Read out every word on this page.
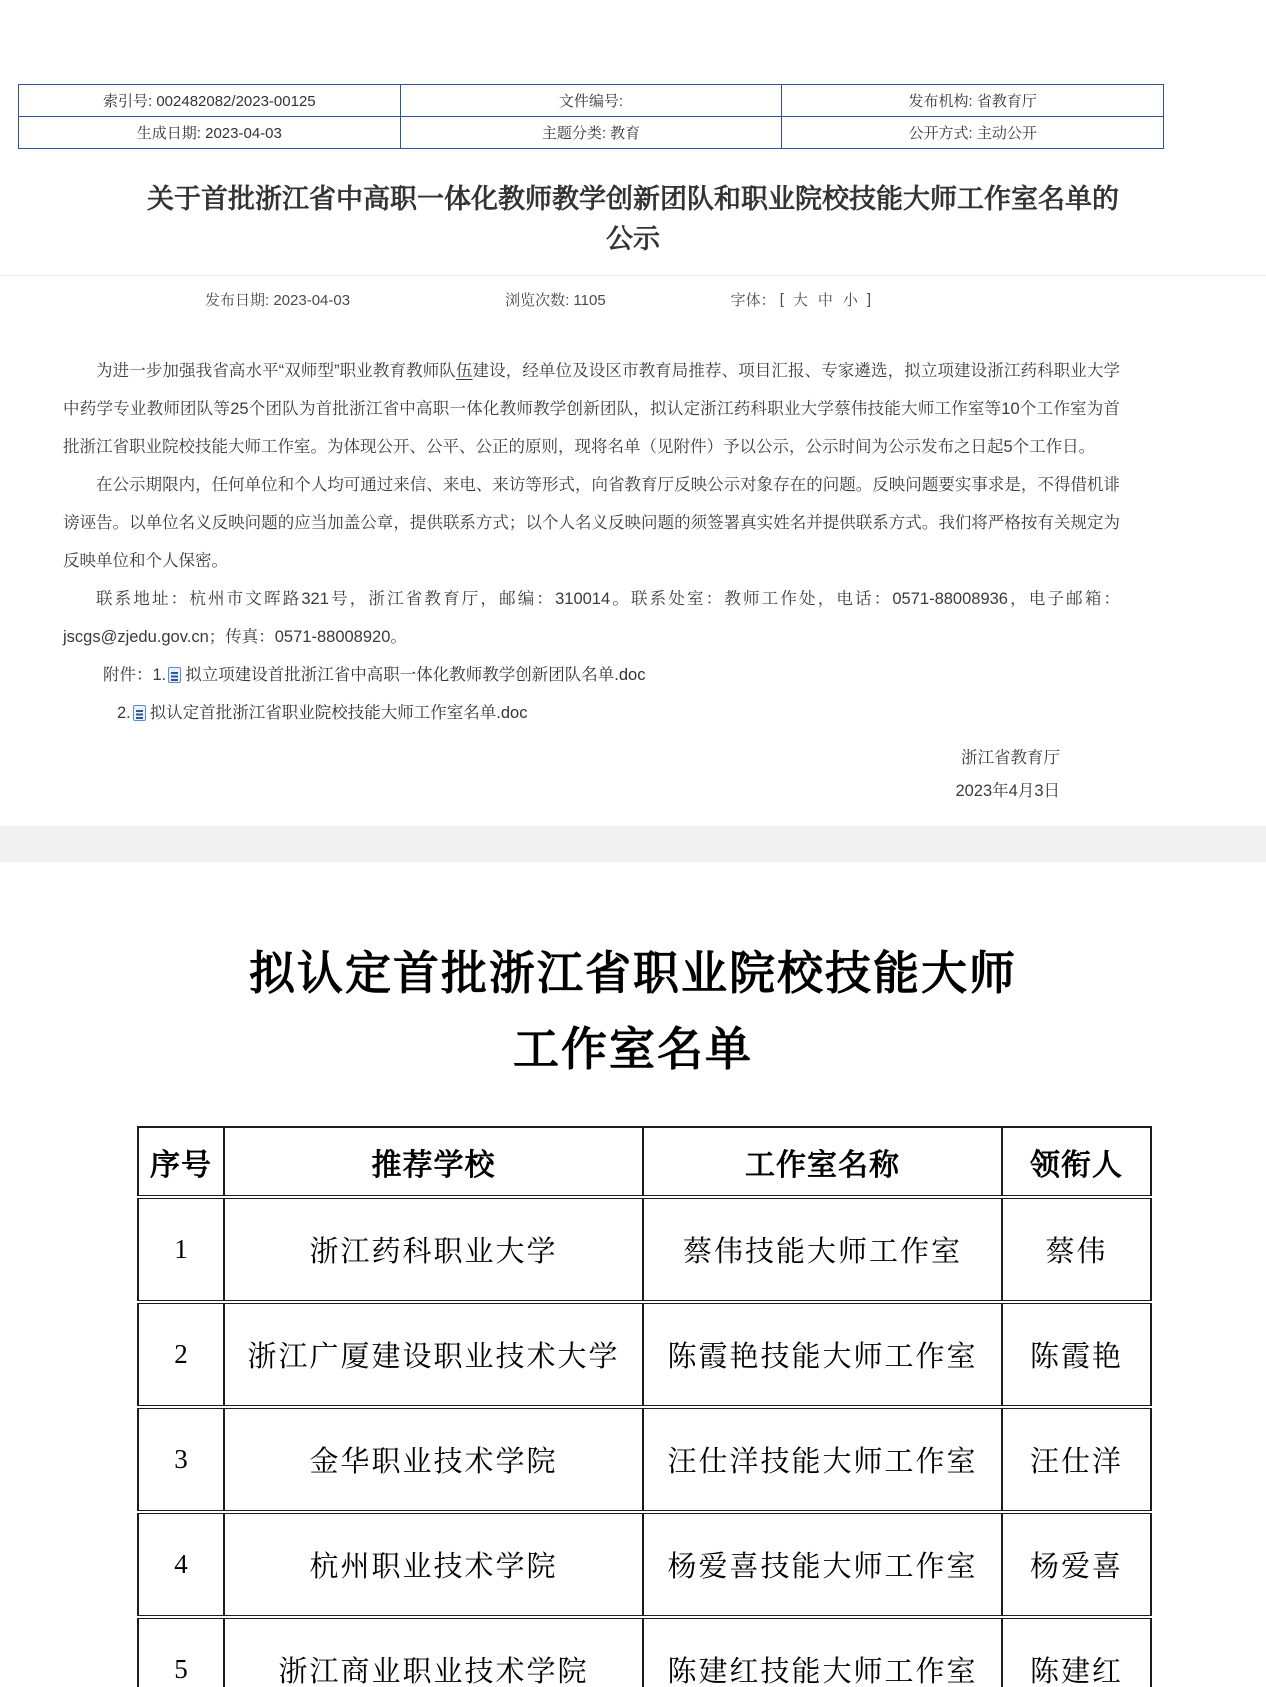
索引号: 002482082/2023-00125	文件编号:	发布机构: 省教育厅
生成日期: 2023-04-03	主题分类: 教育	公开方式: 主动公开
关于首批浙江省中高职一体化教师教学创新团队和职业院校技能大师工作室名单的
公示
发布日期: 2023-04-03	浏览次数: 1105	字体： [ 大 中 小 ]

为进一步加强我省高水平“双师型”职业教育教师队伍建设，经单位及设区市教育局推荐、项目汇报、专家遴选，拟立项建设浙江药科职业大学中药学专业教师团队等25个团队为首批浙江省中高职一体化教师教学创新团队，拟认定浙江药科职业大学蔡伟技能大师工作室等10个工作室为首批浙江省职业院校技能大师工作室。为体现公开、公平、公正的原则，现将名单（见附件）予以公示，公示时间为公示发布之日起5个工作日。

在公示期限内，任何单位和个人均可通过来信、来电、来访等形式，向省教育厅反映公示对象存在的问题。反映问题要实事求是，不得借机诽谤诬告。以单位名义反映问题的应当加盖公章，提供联系方式；以个人名义反映问题的须签署真实姓名并提供联系方式。我们将严格按有关规定为反映单位和个人保密。

联系地址：杭州市文晖路321号，浙江省教育厅，邮编：310014。联系处室：教师工作处，电话：0571-88008936，电子邮箱：jscgs@zjedu.gov.cn；传真：0571-88008920。

附件： 1. 拟立项建设首批浙江省中高职一体化教师教学创新团队名单.doc
2. 拟认定首批浙江省职业院校技能大师工作室名单.doc
浙江省教育厅
2023年4月3日
拟认定首批浙江省职业院校技能大师
工作室名单
序号	推荐学校	工作室名称	领衔人
1	浙江药科职业大学	蔡伟技能大师工作室	蔡伟
2	浙江广厦建设职业技术大学	陈霞艳技能大师工作室	陈霞艳
3	金华职业技术学院	汪仕洋技能大师工作室	汪仕洋
4	杭州职业技术学院	杨爱喜技能大师工作室	杨爱喜
5	浙江商业职业技术学院	陈建红技能大师工作室	陈建红
